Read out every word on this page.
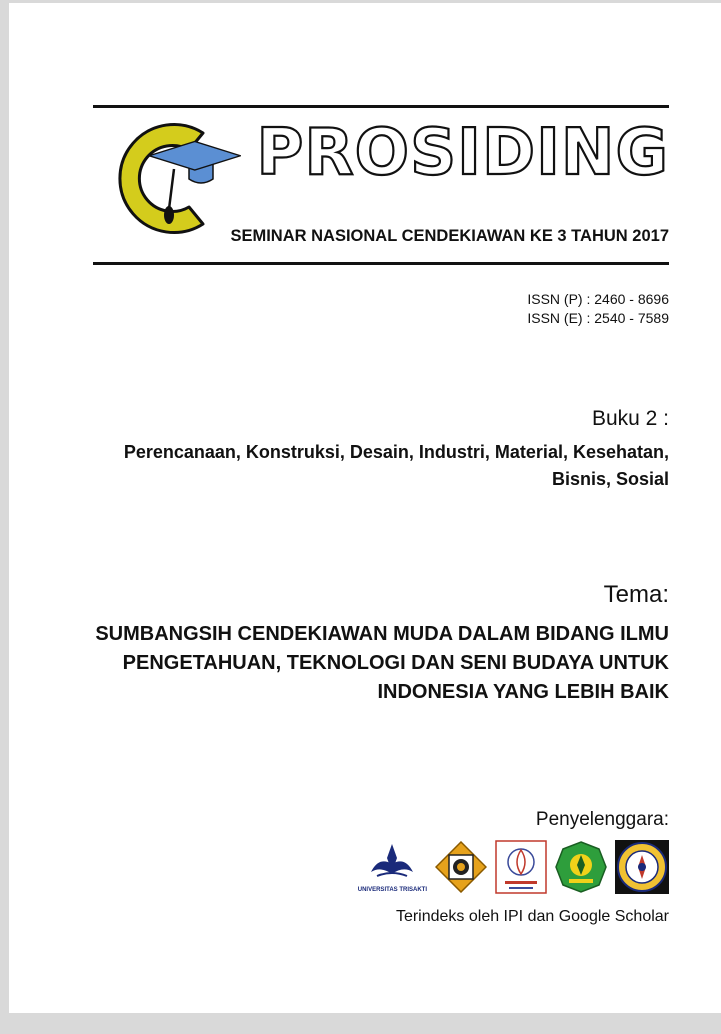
PROSIDING
SEMINAR NASIONAL CENDEKIAWAN KE 3 TAHUN 2017
ISSN (P) : 2460 - 8696
ISSN (E) : 2540 - 7589
Buku 2 :
Perencanaan, Konstruksi, Desain, Industri, Material, Kesehatan, Bisnis, Sosial
Tema:
SUMBANGSIH CENDEKIAWAN MUDA DALAM BIDANG ILMU PENGETAHUAN, TEKNOLOGI DAN SENI BUDAYA UNTUK INDONESIA YANG LEBIH BAIK
Penyelenggara:
UNIVERSITAS TRISAKTI
Terindeks oleh IPI dan Google Scholar
